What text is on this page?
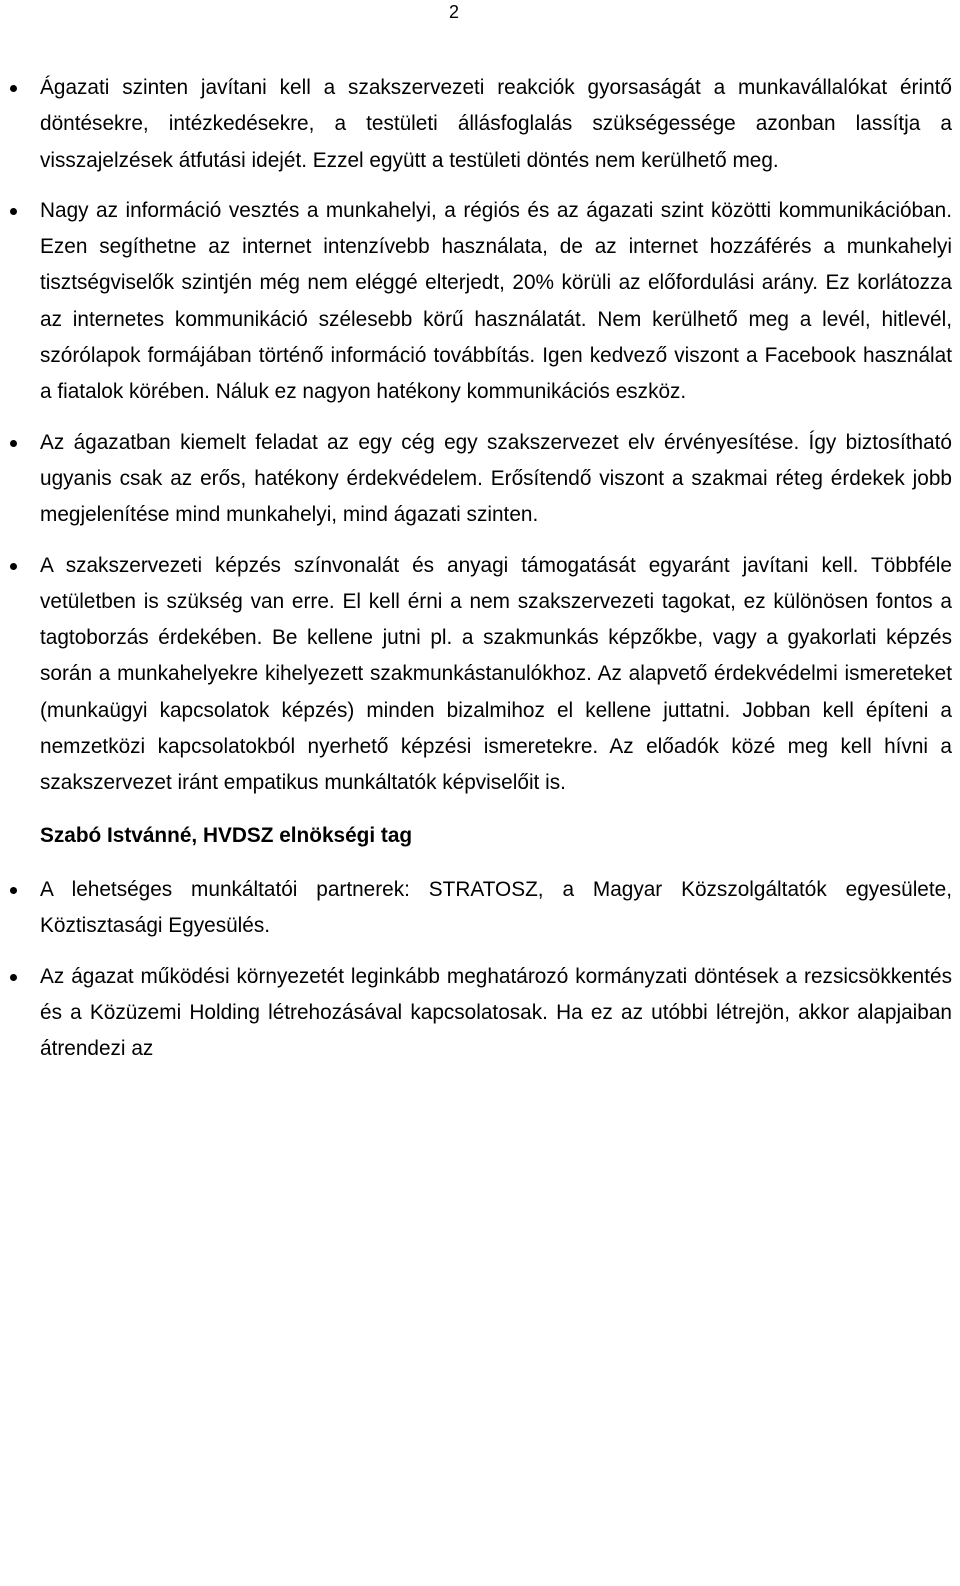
2
Ágazati szinten javítani kell a szakszervezeti reakciók gyorsaságát a munkavállalókat érintő döntésekre, intézkedésekre, a testületi állásfoglalás szükségessége azonban lassítja a visszajelzések átfutási idejét. Ezzel együtt a testületi döntés nem kerülhető meg.
Nagy az információ vesztés a munkahelyi, a régiós és az ágazati szint közötti kommunikációban. Ezen segíthetne az internet intenzívebb használata, de az internet hozzáférés a munkahelyi tisztségviselők szintjén még nem eléggé elterjedt, 20% körüli az előfordulási arány. Ez korlátozza az internetes kommunikáció szélesebb körű használatát. Nem kerülhető meg a levél, hitlevél, szórólapok formájában történő információ továbbítás. Igen kedvező viszont a Facebook használat a fiatalok körében. Náluk ez nagyon hatékony kommunikációs eszköz.
Az ágazatban kiemelt feladat az egy cég egy szakszervezet elv érvényesítése. Így biztosítható ugyanis csak az erős, hatékony érdekvédelem. Erősítendő viszont a szakmai réteg érdekek jobb megjelenítése mind munkahelyi, mind ágazati szinten.
A szakszervezeti képzés színvonalát és anyagi támogatását egyaránt javítani kell. Többféle vetületben is szükség van erre. El kell érni a nem szakszervezeti tagokat, ez különösen fontos a tagtoborzás érdekében. Be kellene jutni pl. a szakmunkás képzőkbe, vagy a gyakorlati képzés során a munkahelyekre kihelyezett szakmunkástanulókhoz. Az alapvető érdekvédelmi ismereteket (munkaügyi kapcsolatok képzés) minden bizalmihoz el kellene juttatni. Jobban kell építeni a nemzetközi kapcsolatokból nyerhető képzési ismeretekre. Az előadók közé meg kell hívni a szakszervezet iránt empatikus munkáltatók képviselőit is.
Szabó Istvánné, HVDSZ elnökségi tag
A lehetséges munkáltatói partnerek: STRATOSZ, a Magyar Közszolgáltatók egyesülete, Köztisztasági Egyesülés.
Az ágazat működési környezetét leginkább meghatározó kormányzati döntések a rezsicsökkentés és a Közüzemi Holding létrehozásával kapcsolatosak. Ha ez az utóbbi létrejön, akkor alapjaiban átrendezi az
